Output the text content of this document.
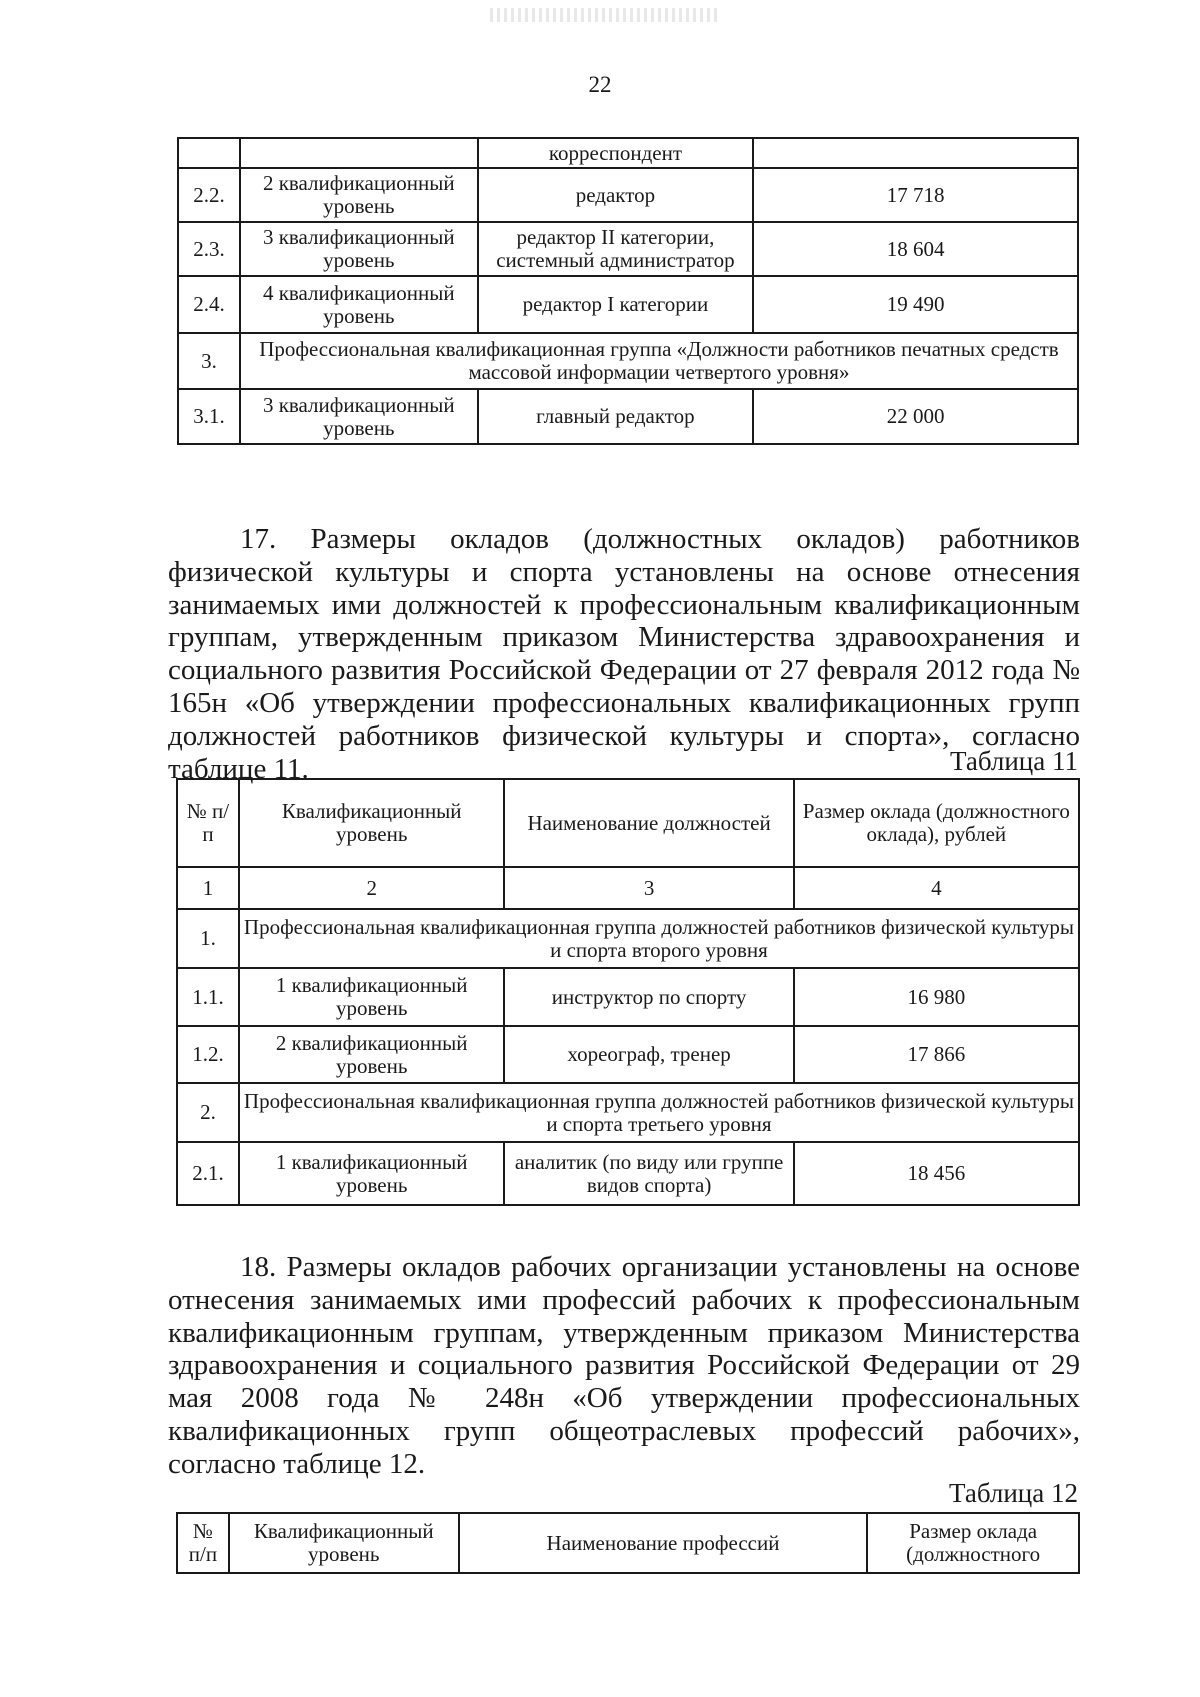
22
		корреспондент	
2.2.	2 квалификационный уровень	редактор	17 718
2.3.	3 квалификационный уровень	редактор II категории, системный администратор	18 604
2.4.	4 квалификационный уровень	редактор I категории	19 490
3.	Профессиональная квалификационная группа «Должности работников печатных средств массовой информации четвертого уровня»		
3.1.	3 квалификационный уровень	главный редактор	22 000

17. Размеры окладов (должностных окладов) работников физической культуры и спорта установлены на основе отнесения занимаемых ими должностей к профессиональным квалификационным группам, утвержденным приказом Министерства здравоохранения и социального развития Российской Федерации от 27 февраля 2012 года № 165н «Об утверждении профессиональных квалификационных групп должностей работников физической культуры и спорта», согласно таблице 11.	Таблица 11
№ п/п	Квалификационный уровень	Наименование должностей	Размер оклада (должностного оклада), рублей
1	2	3	4
1.	Профессиональная квалификационная группа должностей работников физической культуры и спорта второго уровня		
1.1.	1 квалификационный уровень	инструктор по спорту	16 980
1.2.	2 квалификационный уровень	хореограф, тренер	17 866
2.	Профессиональная квалификационная группа должностей работников физической культуры и спорта третьего уровня		
2.1.	1 квалификационный уровень	аналитик (по виду или группе видов спорта)	18 456

18. Размеры окладов рабочих организации установлены на основе отнесения занимаемых ими профессий рабочих к профессиональным квалификационным группам, утвержденным приказом Министерства здравоохранения и социального развития Российской Федерации от 29 мая 2008 года № 248н «Об утверждении профессиональных квалификационных групп общеотраслевых профессий рабочих», согласно таблице 12.

Таблица 12
№ п/п	Квалификационный уровень	Наименование профессий	Размер оклада (должностного
